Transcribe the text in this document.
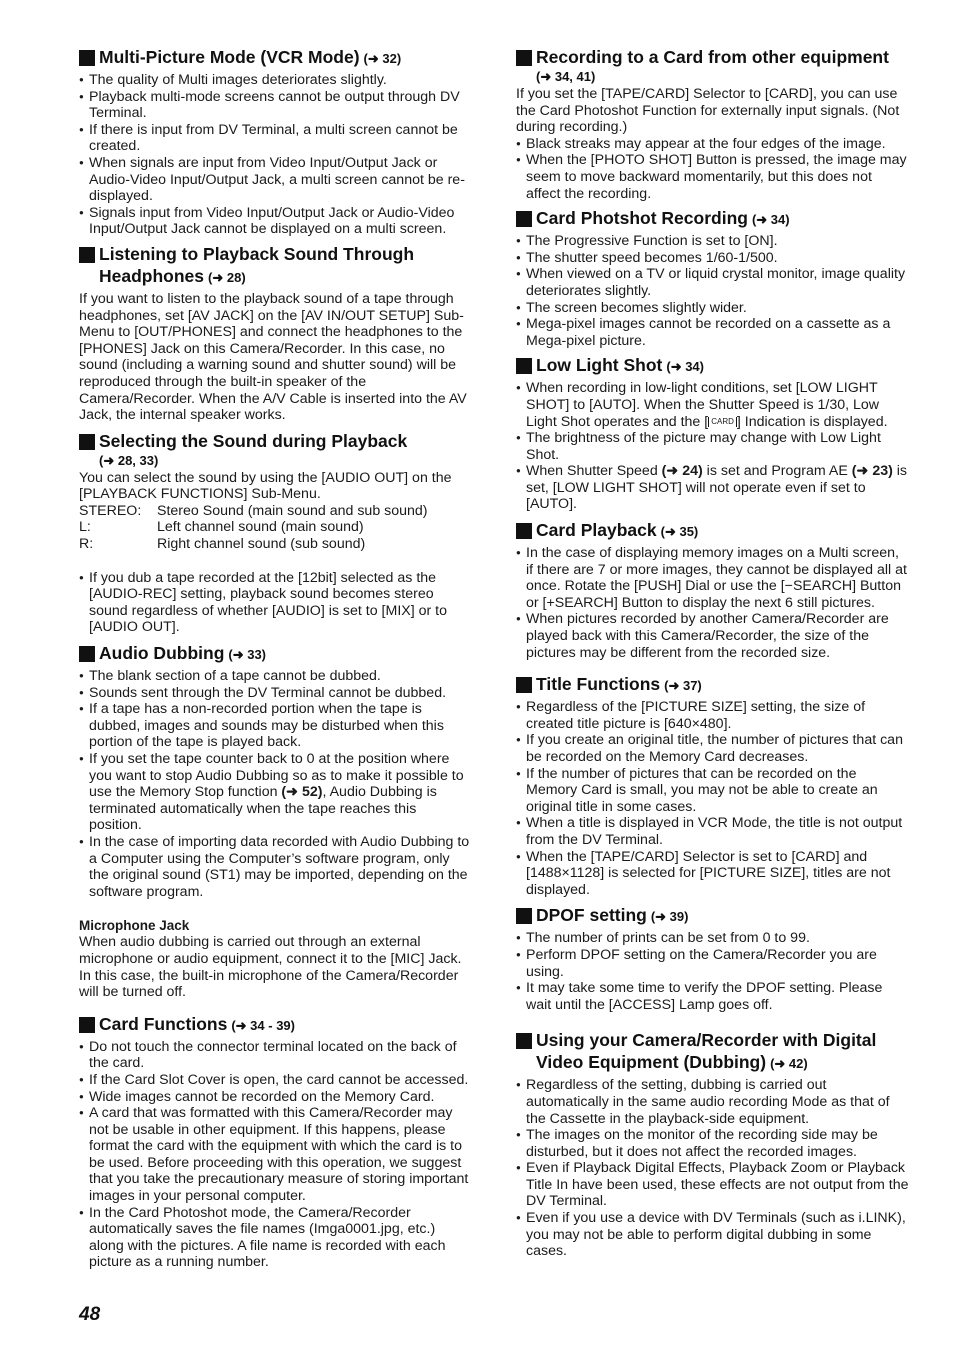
Multi-Picture Mode (VCR Mode) (➜ 32)
● The quality of Multi images deteriorates slightly.
● Playback multi-mode screens cannot be output through DV Terminal.
● If there is input from DV Terminal, a multi screen cannot be created.
● When signals are input from Video Input/Output Jack or Audio-Video Input/Output Jack, a multi screen cannot be re-displayed.
● Signals input from Video Input/Output Jack or Audio-Video Input/Output Jack cannot be displayed on a multi screen.
Listening to Playback Sound Through
Headphones (➜ 28)

If you want to listen to the playback sound of a tape through headphones, set [AV JACK] on the [AV IN/OUT SETUP] Sub-Menu to [OUT/PHONES] and connect the headphones to the [PHONES] Jack on this Camera/Recorder. In this case, no sound (including a warning sound and shutter sound) will be reproduced through the built-in speaker of the Camera/Recorder. When the A/V Cable is inserted into the AV Jack, the internal speaker works.

Selecting the Sound during Playback
(➜ 28, 33)

You can select the sound by using the [AUDIO OUT] on the [PLAYBACK FUNCTIONS] Sub-Menu.

STEREO:	Stereo Sound (main sound and sub sound)
L:	Left channel sound (main sound)
R:	Right channel sound (sub sound)
● If you dub a tape recorded at the [12bit] selected as the [AUDIO-REC] setting, playback sound becomes stereo sound regardless of whether [AUDIO] is set to [MIX] or to [AUDIO OUT].
Audio Dubbing (➜ 33)
● The blank section of a tape cannot be dubbed.
● Sounds sent through the DV Terminal cannot be dubbed.
● If a tape has a non-recorded portion when the tape is dubbed, images and sounds may be disturbed when this portion of the tape is played back.
● If you set the tape counter back to 0 at the position where you want to stop Audio Dubbing so as to make it possible to use the Memory Stop function (➜ 52), Audio Dubbing is terminated automatically when the tape reaches this position.
● In the case of importing data recorded with Audio Dubbing to a Computer using the Computer’s software program, only the original sound (ST1) may be imported, depending on the software program.

Microphone Jack

When audio dubbing is carried out through an external microphone or audio equipment, connect it to the [MIC] Jack. In this case, the built-in microphone of the Camera/Recorder will be turned off.

Card Functions (➜ 34 - 39)
● Do not touch the connector terminal located on the back of the card.
● If the Card Slot Cover is open, the card cannot be accessed.
● Wide images cannot be recorded on the Memory Card.
● A card that was formatted with this Camera/Recorder may not be usable in other equipment. If this happens, please format the card with the equipment with which the card is to be used. Before proceeding with this operation, we suggest that you take the precautionary measure of storing important images in your personal computer.
● In the Card Photoshot mode, the Camera/Recorder automatically saves the file names (Imga0001.jpg, etc.) along with the pictures. A file name is recorded with each picture as a running number.
Recording to a Card from other equipment
(➜ 34, 41)

If you set the [TAPE/CARD] Selector to [CARD], you can use the Card Photoshot Function for externally input signals. (Not during recording.)

● Black streaks may appear at the four edges of the image.
● When the [PHOTO SHOT] Button is pressed, the image may seem to move backward momentarily, but this does not affect the recording.
Card Photshot Recording (➜ 34)
● The Progressive Function is set to [ON].
● The shutter speed becomes 1/60-1/500.
● When viewed on a TV or liquid crystal monitor, image quality deteriorates slightly.
● The screen becomes slightly wider.
● Mega-pixel images cannot be recorded on a cassette as a Mega-pixel picture.
Low Light Shot (➜ 34)
● When recording in low-light conditions, set [LOW LIGHT SHOT] to [AUTO]. When the Shutter Speed is 1/30, Low Light Shot operates and the [ CARD ] Indication is displayed.
● The brightness of the picture may change with Low Light Shot.
● When Shutter Speed (➜ 24) is set and Program AE (➜ 23) is set, [LOW LIGHT SHOT] will not operate even if set to [AUTO].
Card Playback (➜ 35)
● In the case of displaying memory images on a Multi screen, if there are 7 or more images, they cannot be displayed all at once. Rotate the [PUSH] Dial or use the [−SEARCH] Button or [+SEARCH] Button to display the next 6 still pictures.
● When pictures recorded by another Camera/Recorder are played back with this Camera/Recorder, the size of the pictures may be different from the recorded size.
Title Functions (➜ 37)
● Regardless of the [PICTURE SIZE] setting, the size of created title picture is [640×480].
● If you create an original title, the number of pictures that can be recorded on the Memory Card decreases.
● If the number of pictures that can be recorded on the Memory Card is small, you may not be able to create an original title in some cases.
● When a title is displayed in VCR Mode, the title is not output from the DV Terminal.
● When the [TAPE/CARD] Selector is set to [CARD] and [1488×1128] is selected for [PICTURE SIZE], titles are not displayed.
DPOF setting (➜ 39)
● The number of prints can be set from 0 to 99.
● Perform DPOF setting on the Camera/Recorder you are using.
● It may take some time to verify the DPOF setting. Please wait until the [ACCESS] Lamp goes off.
Using your Camera/Recorder with Digital
Video Equipment (Dubbing) (➜ 42)
● Regardless of the setting, dubbing is carried out automatically in the same audio recording Mode as that of the Cassette in the playback-side equipment.
● The images on the monitor of the recording side may be disturbed, but it does not affect the recorded images.
● Even if Playback Digital Effects, Playback Zoom or Playback Title In have been used, these effects are not output from the DV Terminal.
● Even if you use a device with DV Terminals (such as i.LINK), you may not be able to perform digital dubbing in some cases.
48
